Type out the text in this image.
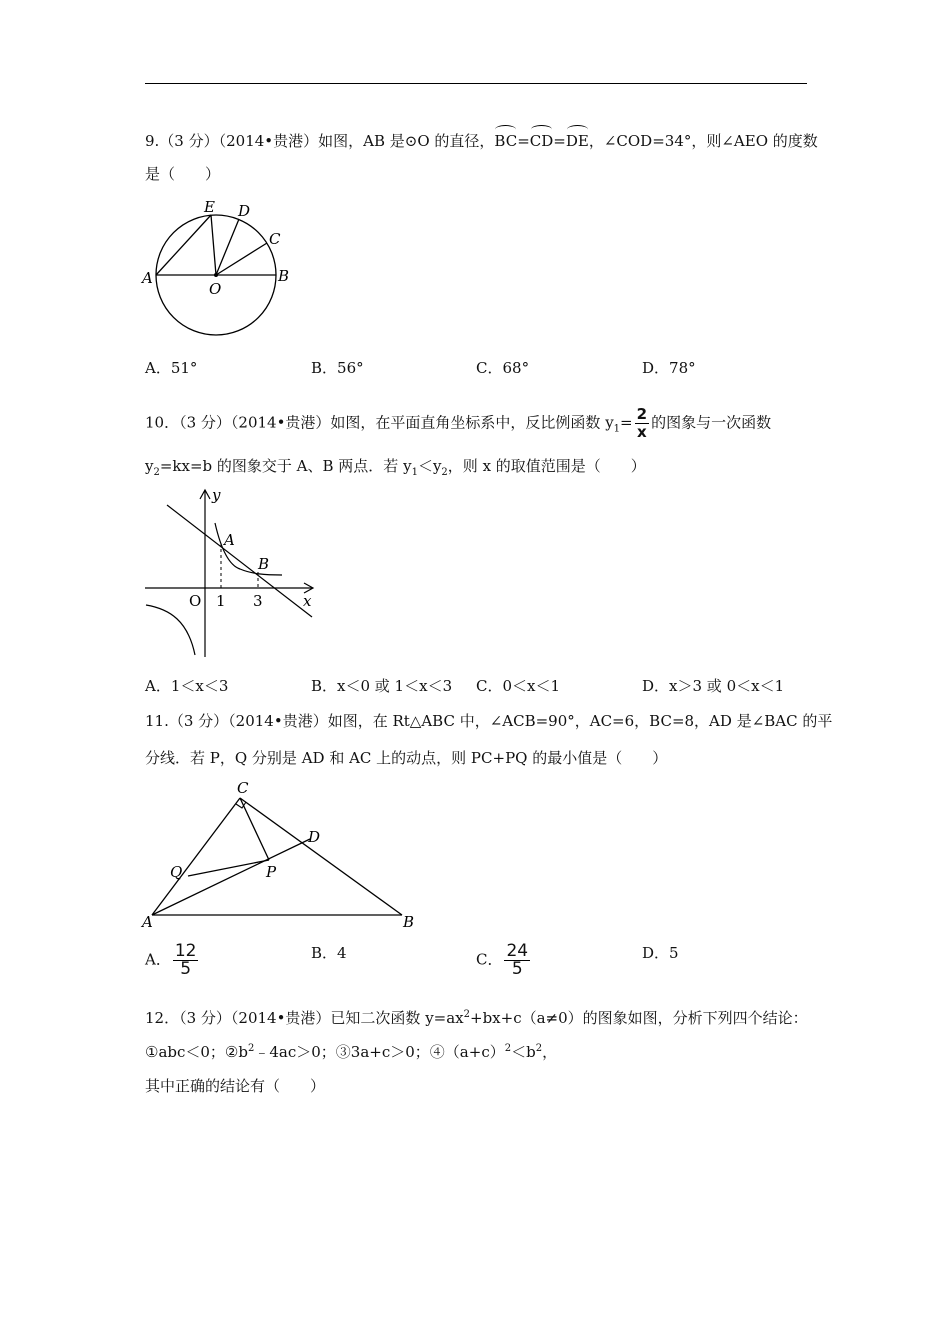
9.（3 分）（2014•贵港）如图，AB 是⊙O 的直径，BC=CD=DE，∠COD=34°，则∠AEO 的度数
是（　　）
E D
C
A
O
B
A．51°	B．56°	C．68°	D．78°
10．（3 分）（2014•贵港）如图，在平面直角坐标系中，反比例函数 $y_1= \frac{2}{x}$ 的图象与一次函数
$y_2=kx=b$ 的图象交于 A、B 两点．若 $y_1<y_2$，则 x 的取值范围是（　　）
y
x
O 1 3
A
B
A．1＜x＜3	B．x＜0 或 1＜x＜3 C．0＜x＜1	D．x＞3 或 0＜x＜1
11.（3 分）（2014•贵港）如图，在 Rt△ABC 中，∠ACB=90°，AC=6，BC=8，AD 是∠BAC 的平
分线．若 P，Q 分别是 AD 和 AC 上的动点，则 PC+PQ 的最小值是（　　）
C
D
Q	P
A	B
A． $\frac{12}{5}$	B．4	C． $\frac{24}{5}$	D．5
12．（3 分）（2014•贵港）已知二次函数 $y=ax^2+bx+c(a\ne 0)$的图象如图，分析下列四个结论：
①abc＜0；$②b^2﹣4ac>0$；③3a+c＞0；$④(a+c)^2<b^2$，
其中正确的结论有（　　）
